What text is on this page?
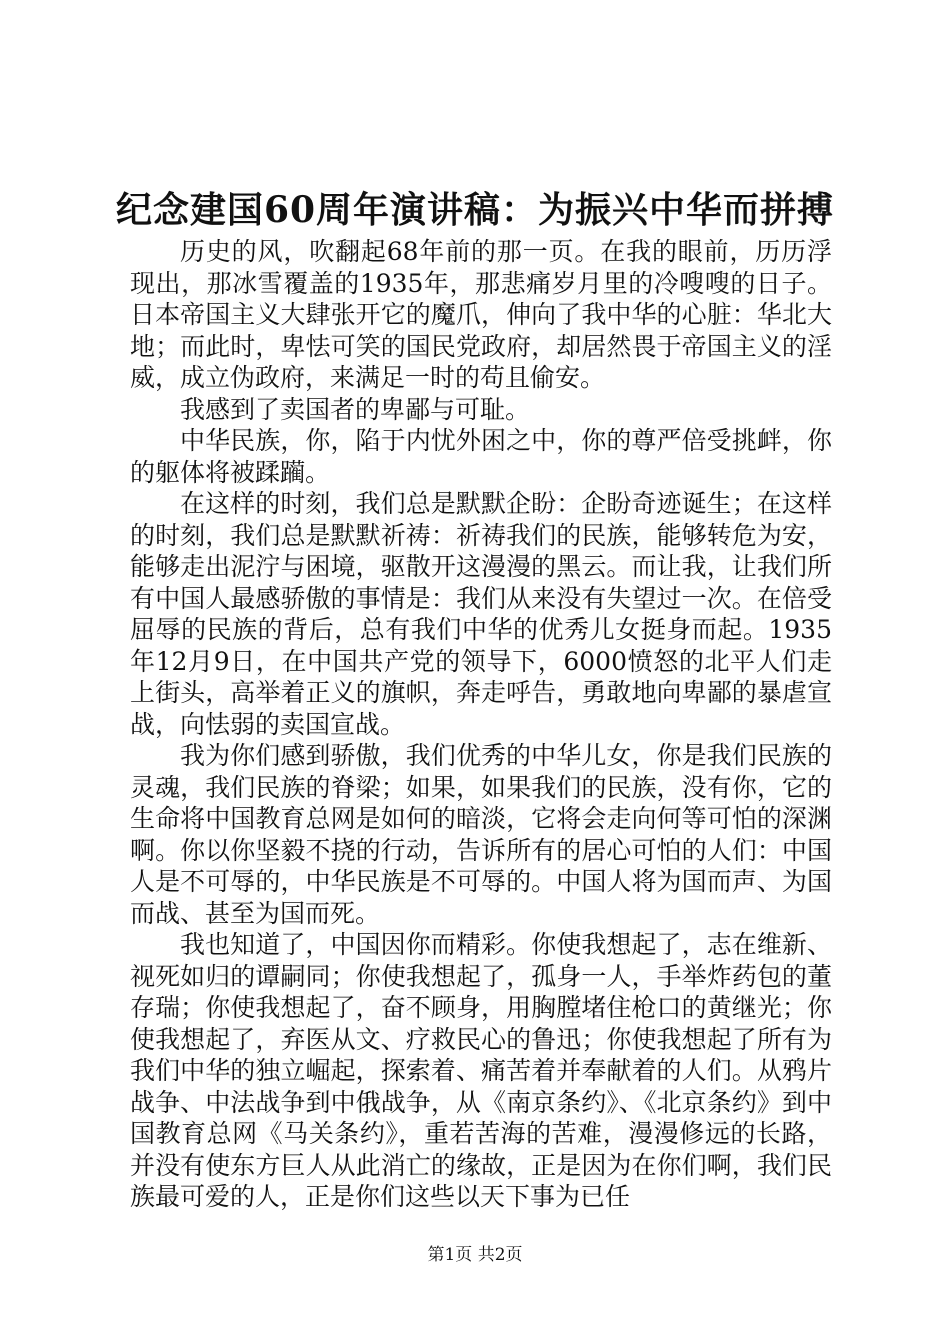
纪念建国60周年演讲稿：为振兴中华而拼搏

历史的风，吹翻起68年前的那一页。在我的眼前，历历浮现出，那冰雪覆盖的1935年，那悲痛岁月里的冷嗖嗖的日子。日本帝国主义大肆张开它的魔爪，伸向了我中华的心脏：华北大地；而此时，卑怯可笑的国民党政府，却居然畏于帝国主义的淫威，成立伪政府，来满足一时的苟且偷安。

我感到了卖国者的卑鄙与可耻。

中华民族，你，陷于内忧外困之中，你的尊严倍受挑衅，你的躯体将被蹂躏。

在这样的时刻，我们总是默默企盼：企盼奇迹诞生；在这样的时刻，我们总是默默祈祷：祈祷我们的民族，能够转危为安，能够走出泥泞与困境，驱散开这漫漫的黑云。而让我，让我们所有中国人最感骄傲的事情是：我们从来没有失望过一次。在倍受屈辱的民族的背后，总有我们中华的优秀儿女挺身而起。1935年12月9日，在中国共产党的领导下，6000愤怒的北平人们走上街头，高举着正义的旗帜，奔走呼告，勇敢地向卑鄙的暴虐宣战，向怯弱的卖国宣战。

我为你们感到骄傲，我们优秀的中华儿女，你是我们民族的灵魂，我们民族的脊梁；如果，如果我们的民族，没有你，它的生命将中国教育总网是如何的暗淡，它将会走向何等可怕的深渊啊。你以你坚毅不挠的行动，告诉所有的居心可怕的人们：中国人是不可辱的，中华民族是不可辱的。中国人将为国而声、为国而战、甚至为国而死。

我也知道了，中国因你而精彩。你使我想起了，志在维新、视死如归的谭嗣同；你使我想起了，孤身一人，手举炸药包的董存瑞；你使我想起了，奋不顾身，用胸膛堵住枪口的黄继光；你使我想起了，弃医从文、疗救民心的鲁迅；你使我想起了所有为我们中华的独立崛起，探索着、痛苦着并奉献着的人们。从鸦片战争、中法战争到中俄战争，从《南京条约》、《北京条约》到中国教育总网《马关条约》，重若苦海的苦难，漫漫修远的长路，并没有使东方巨人从此消亡的缘故，正是因为在你们啊，我们民族最可爱的人，正是你们这些以天下事为已任

第1页 共2页
